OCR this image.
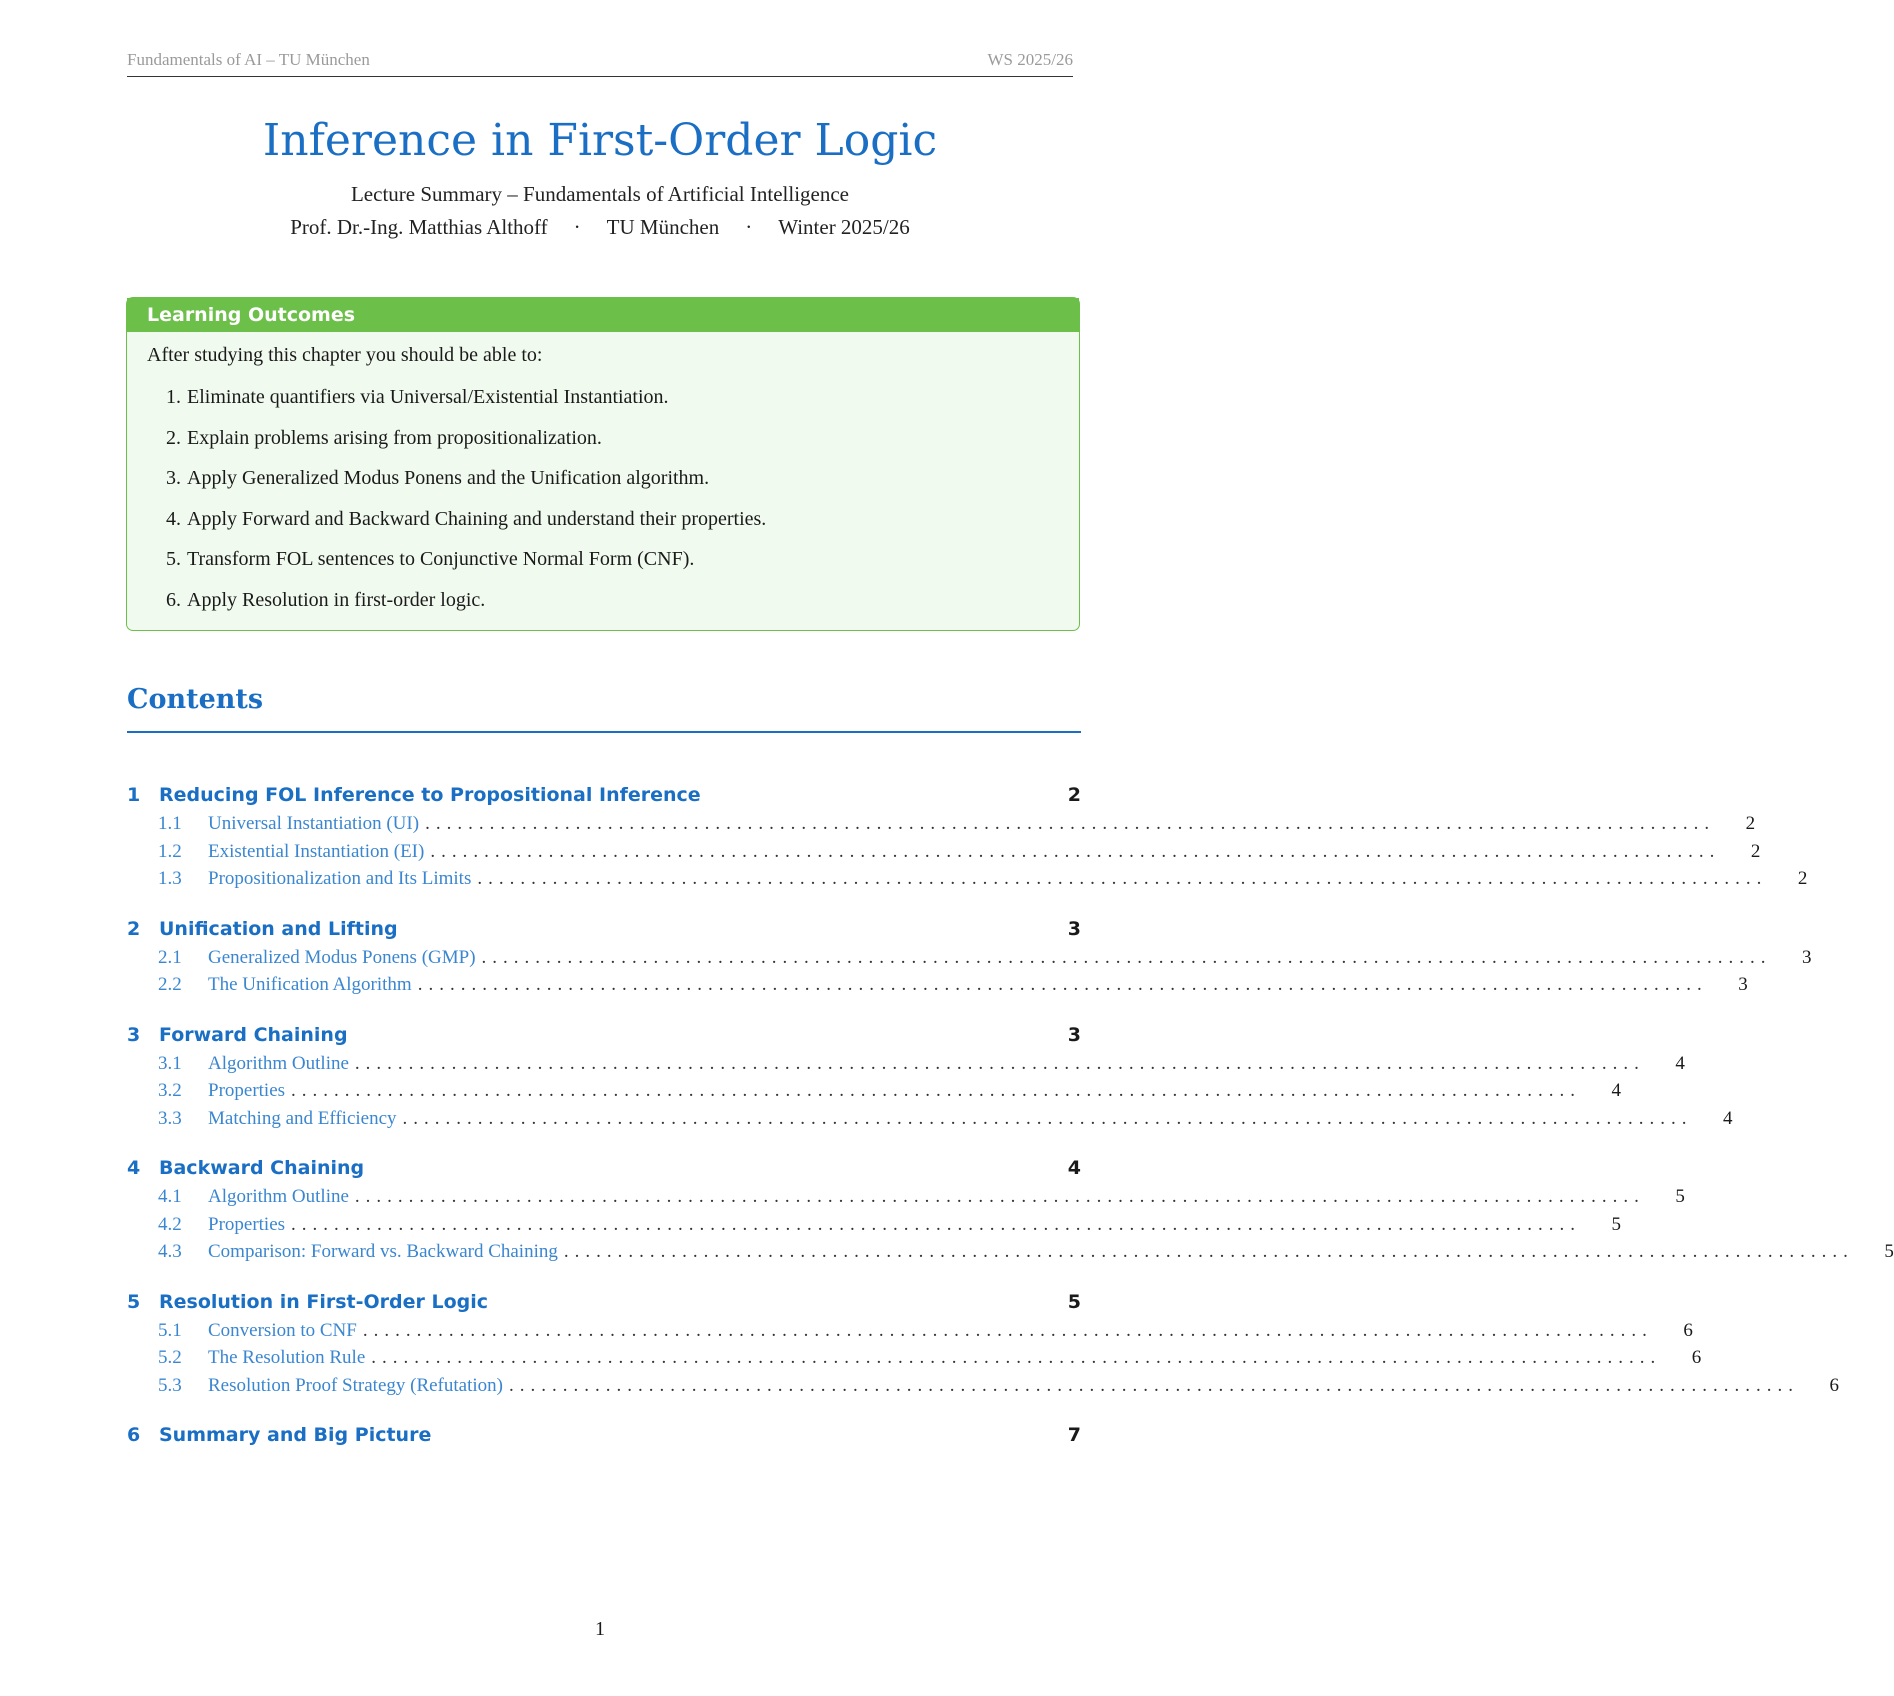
Fundamentals of AI – TU München	WS 2025/26
Inference in First-Order Logic
Lecture Summary – Fundamentals of Artificial Intelligence
Prof. Dr.-Ing. Matthias Althoff · TU München · Winter 2025/26
Learning Outcomes
After studying this chapter you should be able to:
1. Eliminate quantifiers via Universal/Existential Instantiation.
2. Explain problems arising from propositionalization.
3. Apply Generalized Modus Ponens and the Unification algorithm.
4. Apply Forward and Backward Chaining and understand their properties.
5. Transform FOL sentences to Conjunctive Normal Form (CNF).
6. Apply Resolution in first-order logic.
Contents
1 Reducing FOL Inference to Propositional Inference	2
1.1	Universal Instantiation (UI) ........................................................................................................................	2
1.2	Existential Instantiation (EI) ........................................................................................................................	2
1.3	Propositionalization and Its Limits ........................................................................................................................	2
2 Unification and Lifting	3
2.1	Generalized Modus Ponens (GMP) ........................................................................................................................	3
2.2	The Unification Algorithm ........................................................................................................................	3
3 Forward Chaining	3
3.1	Algorithm Outline ........................................................................................................................	4
3.2	Properties ........................................................................................................................	4
3.3	Matching and Efficiency ........................................................................................................................	4
4 Backward Chaining	4
4.1	Algorithm Outline ........................................................................................................................	5
4.2	Properties ........................................................................................................................	5
4.3	Comparison: Forward vs. Backward Chaining ........................................................................................................................	5
5 Resolution in First-Order Logic	5
5.1	Conversion to CNF ........................................................................................................................	6
5.2	The Resolution Rule ........................................................................................................................	6
5.3	Resolution Proof Strategy (Refutation) ........................................................................................................................	6
6 Summary and Big Picture	7
1
